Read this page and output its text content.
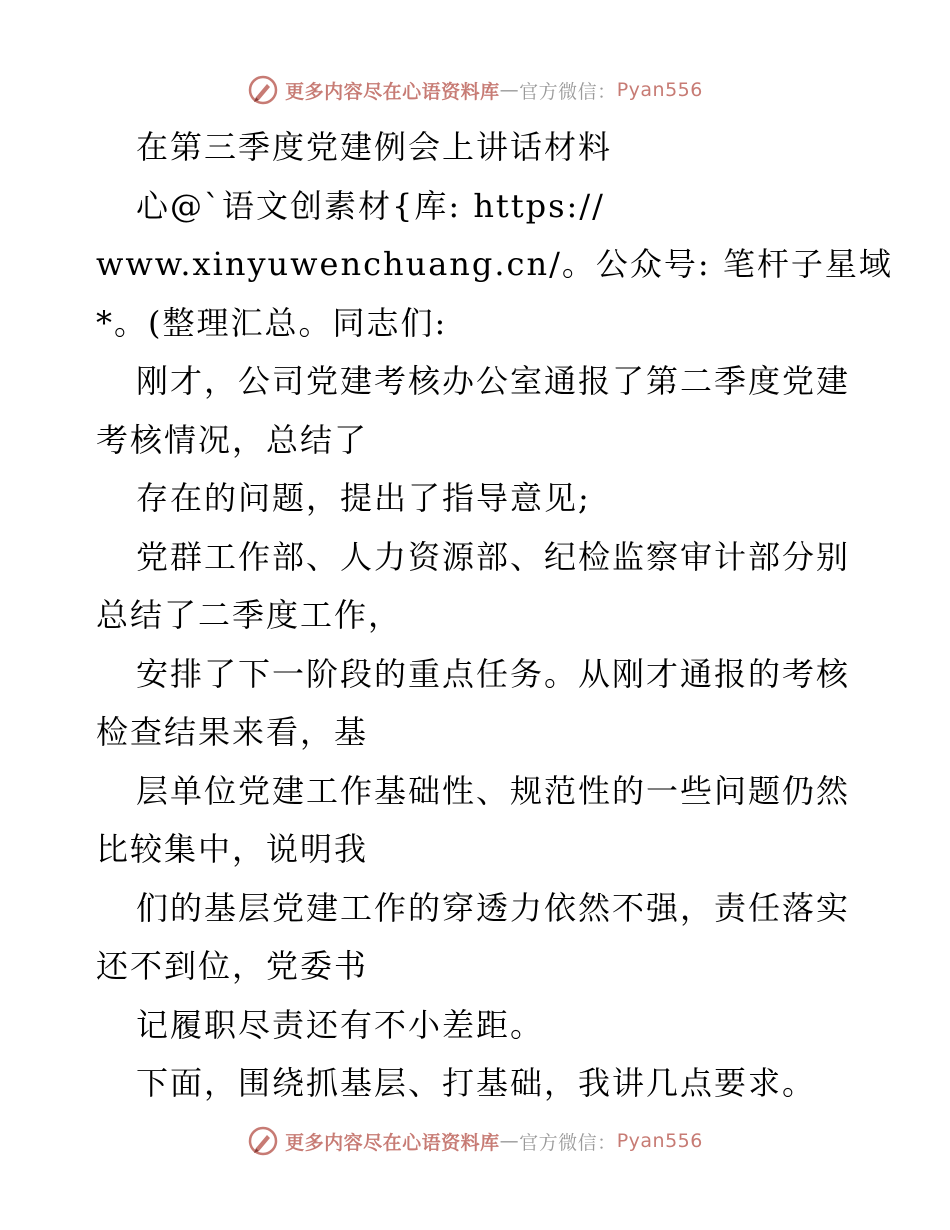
更多内容尽在心语资料库 — 官方微信： Pyan556
在第三季度党建例会上讲话材料
心@`语文创素材{库: https://
www.xinyuwenchuang.cn/。公众号: 笔杆子星域
*。(整理汇总。同志们:
刚才，公司党建考核办公室通报了第二季度党建
考核情况，总结了
存在的问题，提出了指导意见;
党群工作部、人力资源部、纪检监察审计部分别
总结了二季度工作，
安排了下一阶段的重点任务。从刚才通报的考核
检查结果来看，基
层单位党建工作基础性、规范性的一些问题仍然
比较集中，说明我
们的基层党建工作的穿透力依然不强，责任落实
还不到位，党委书
记履职尽责还有不小差距。
下面，围绕抓基层、打基础，我讲几点要求。
更多内容尽在心语资料库 — 官方微信： Pyan556
